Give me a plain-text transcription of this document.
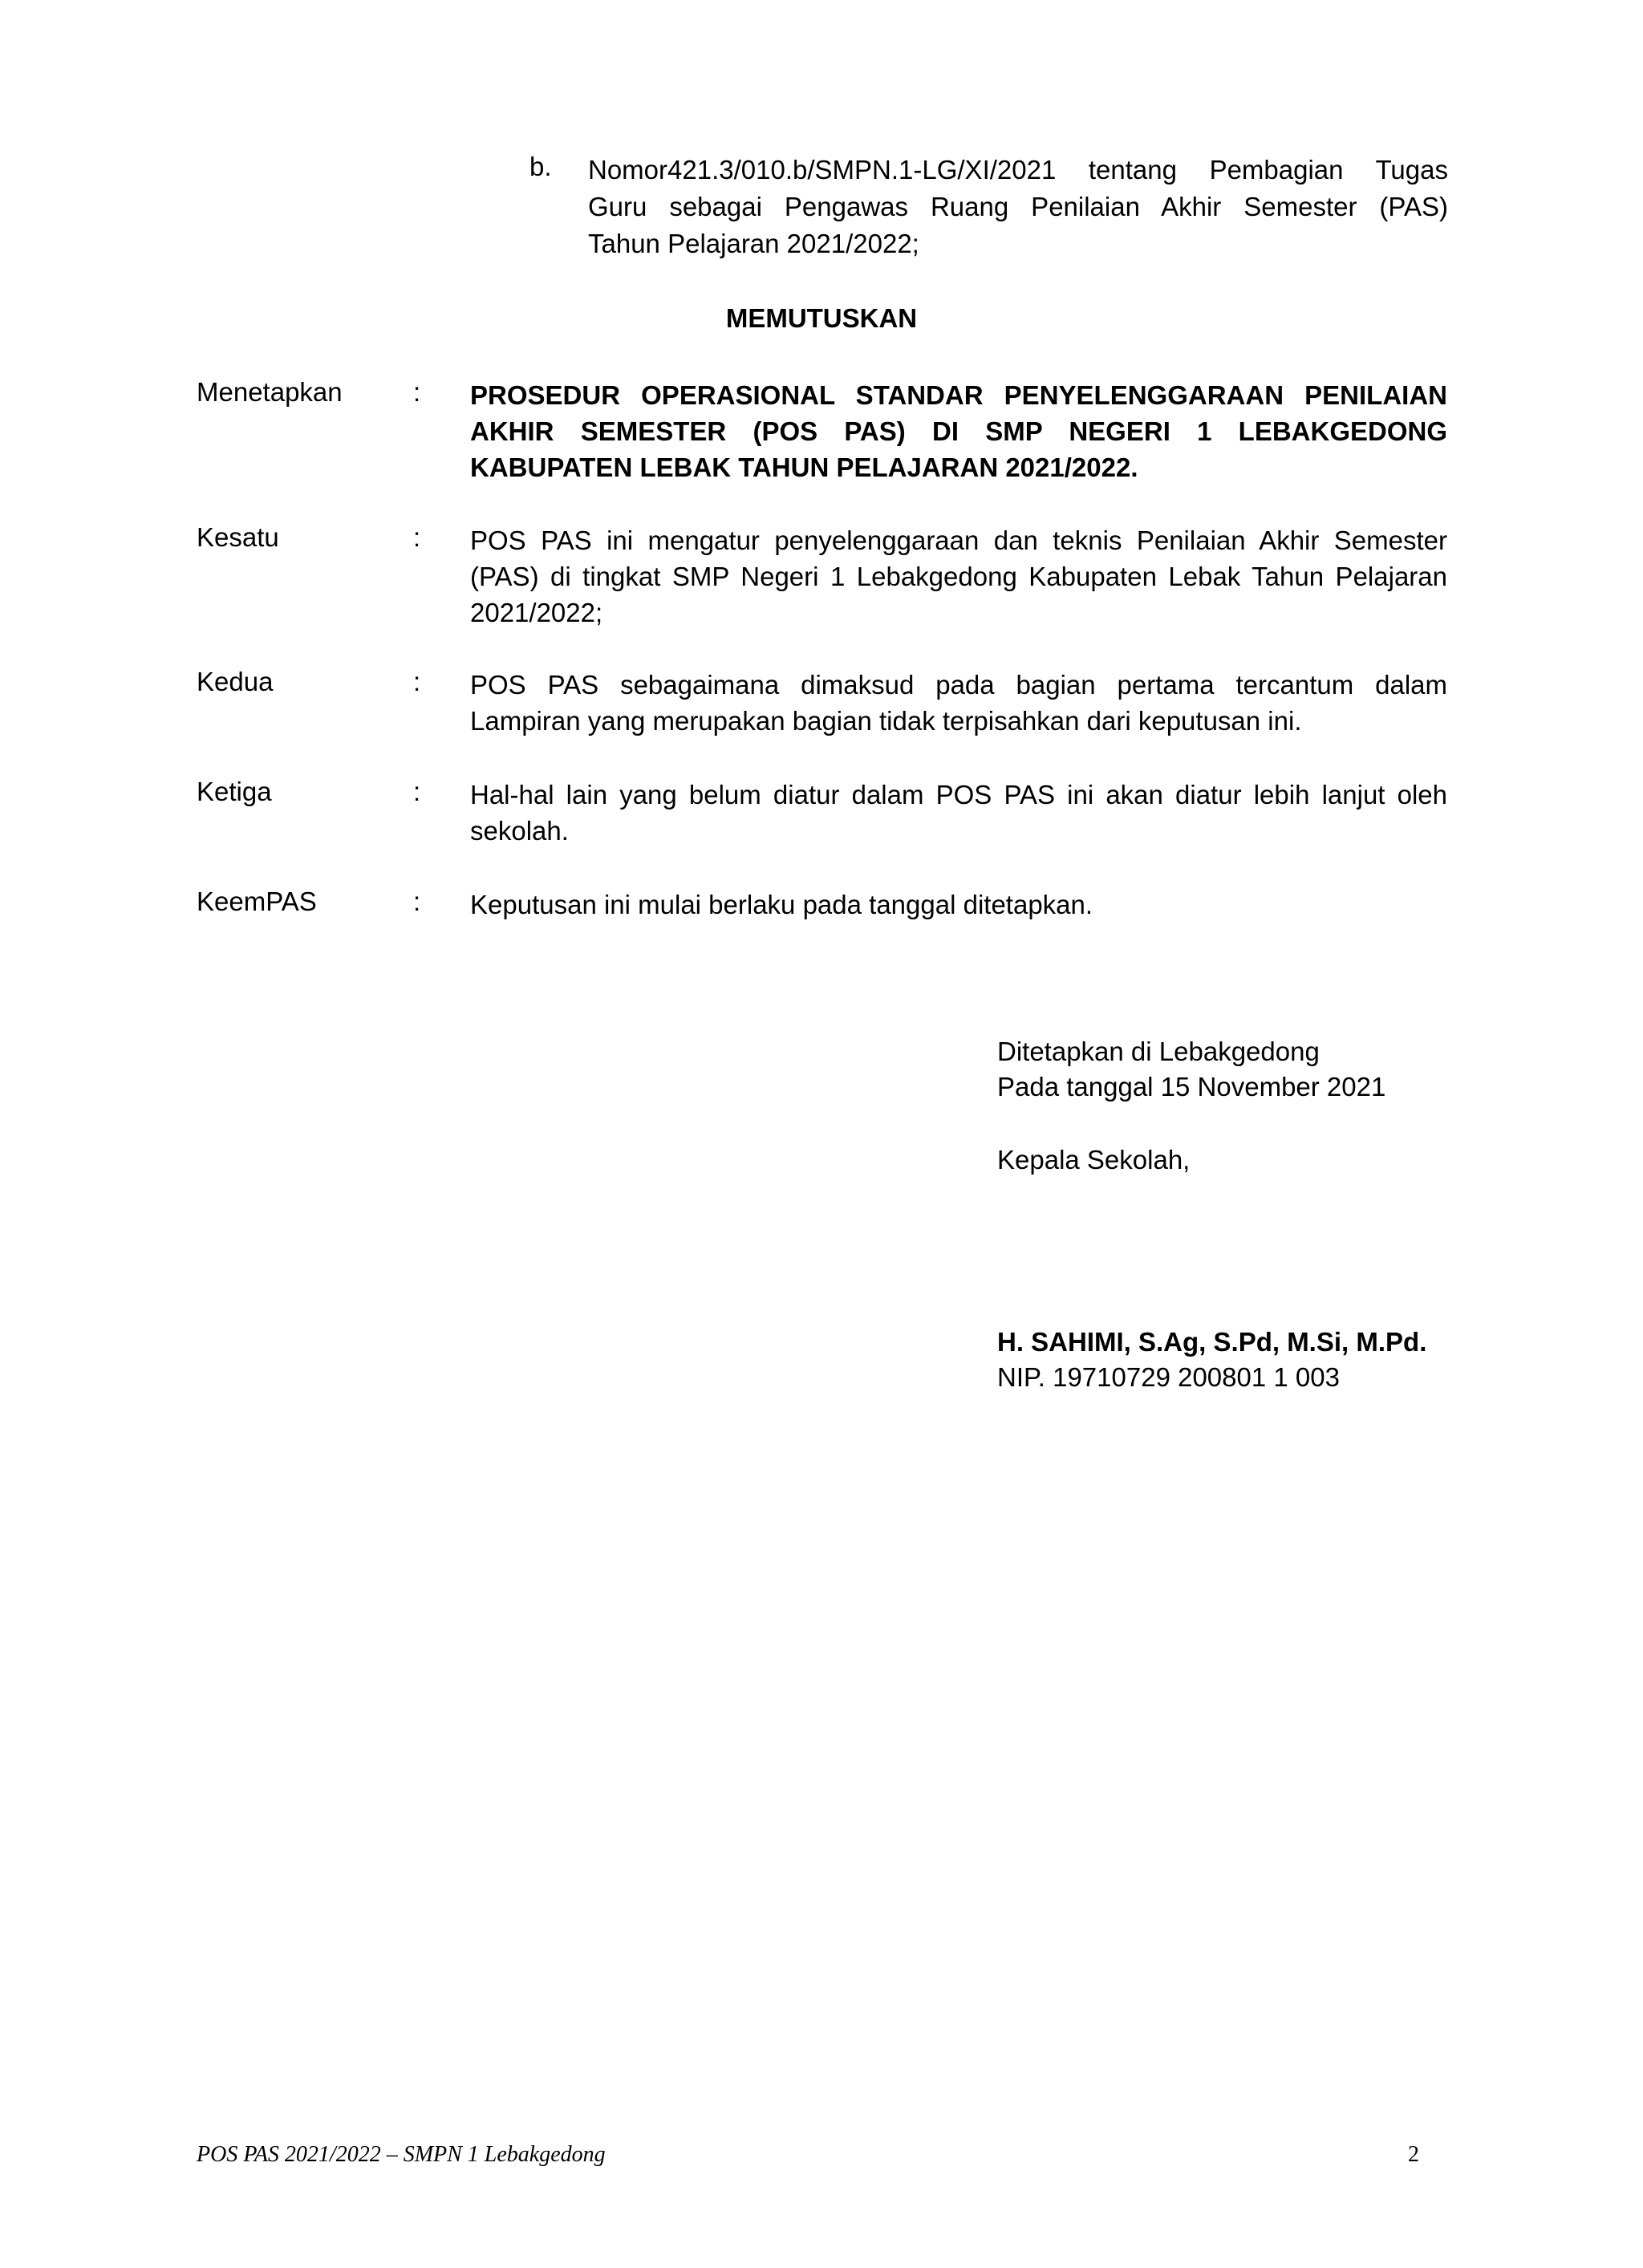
b. Nomor421.3/010.b/SMPN.1-LG/XI/2021 tentang Pembagian Tugas
Guru sebagai Pengawas Ruang Penilaian Akhir Semester (PAS)
Tahun Pelajaran 2021/2022;
MEMUTUSKAN
Menetapkan	: PROSEDUR OPERASIONAL STANDAR PENYELENGGARAAN PENILAIAN
AKHIR SEMESTER (POS PAS) DI SMP NEGERI 1 LEBAKGEDONG
KABUPATEN LEBAK TAHUN PELAJARAN 2021/2022.
Kesatu	: POS PAS ini mengatur penyelenggaraan dan teknis Penilaian Akhir Semester
(PAS) di tingkat SMP Negeri 1 Lebakgedong Kabupaten Lebak Tahun Pelajaran
2021/2022;
Kedua	: POS PAS sebagaimana dimaksud pada bagian pertama tercantum dalam
Lampiran yang merupakan bagian tidak terpisahkan dari keputusan ini.
Ketiga	: Hal-hal lain yang belum diatur dalam POS PAS ini akan diatur lebih lanjut oleh
sekolah.
KeemPAS	: Keputusan ini mulai berlaku pada tanggal ditetapkan.
Ditetapkan di Lebakgedong
Pada tanggal 15 November 2021
Kepala Sekolah,
H. SAHIMI, S.Ag, S.Pd, M.Si, M.Pd.
NIP. 19710729 200801 1 003
POS PAS 2021/2022 – SMPN 1 Lebakgedong	2
